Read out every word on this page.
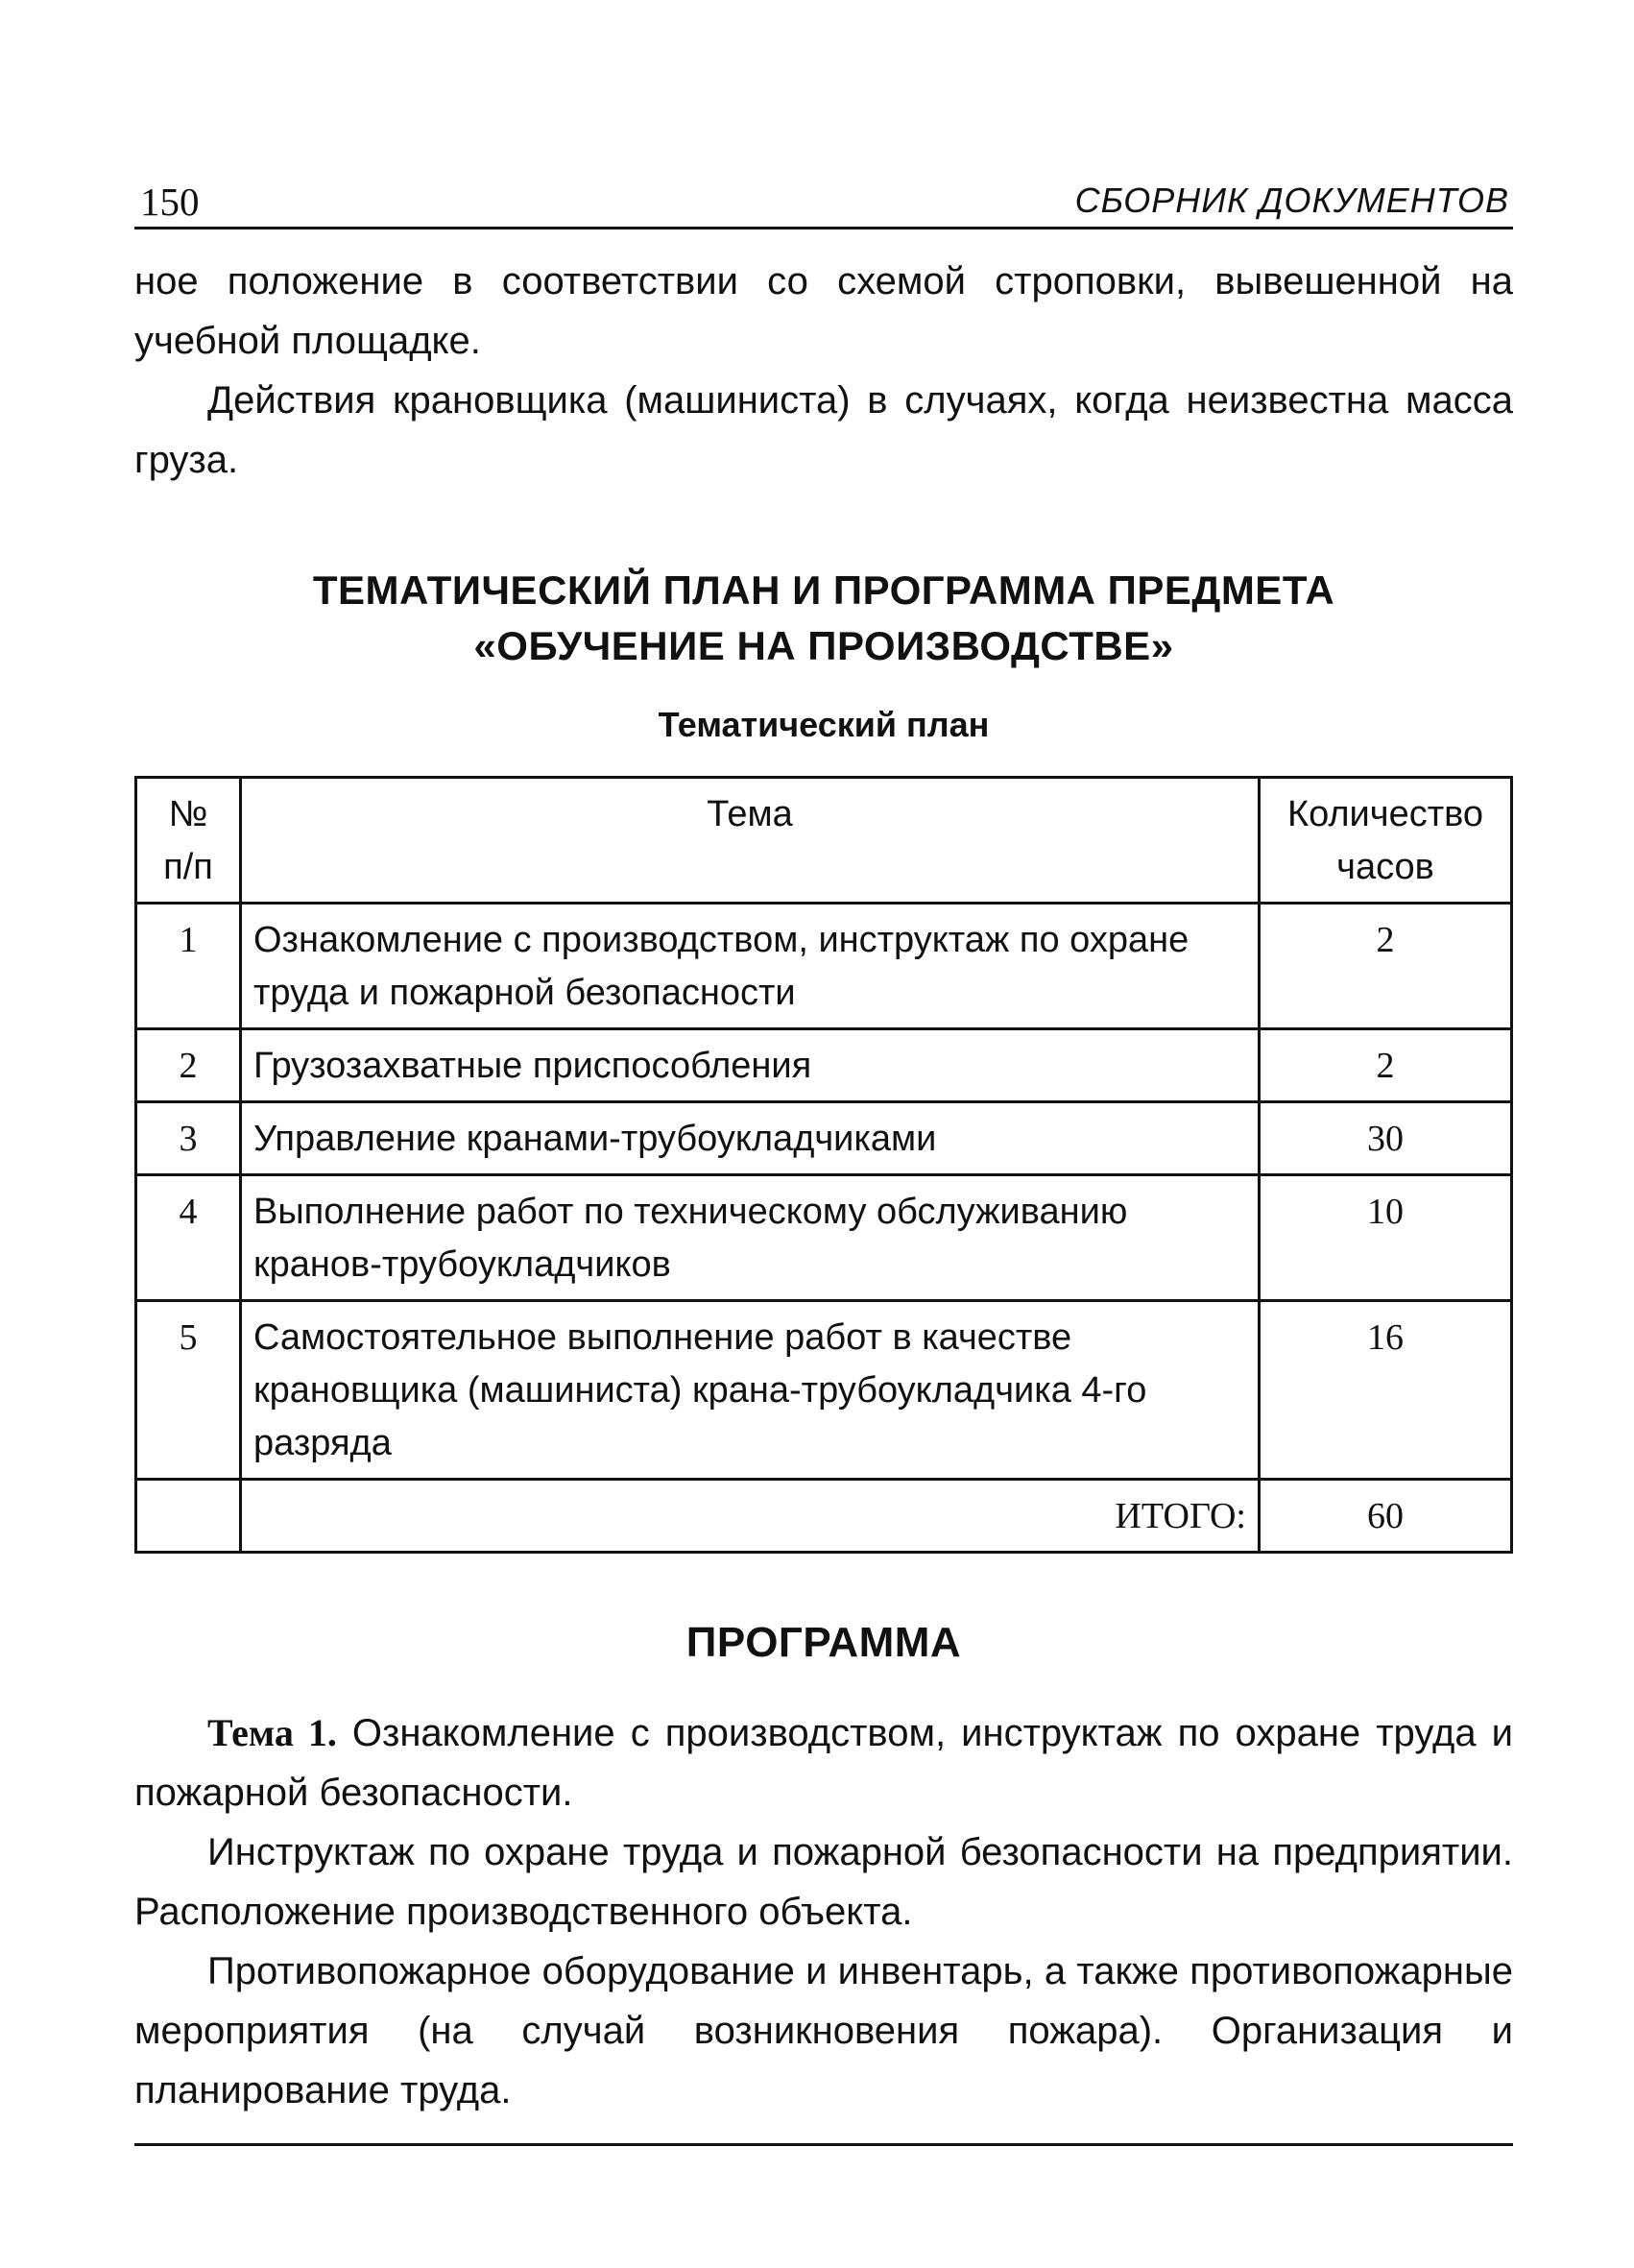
150	СБОРНИК ДОКУМЕНТОВ

ное положение в соответствии со схемой строповки, вывешенной на учебной площадке.

Действия крановщика (машиниста) в случаях, когда неизвестна масса груза.

ТЕМАТИЧЕСКИЙ ПЛАН И ПРОГРАММА ПРЕДМЕТА
«ОБУЧЕНИЕ НА ПРОИЗВОДСТВЕ»
Тематический план
№ п/п	Тема	Количество часов
1	Ознакомление с производством, инструктаж по охране труда и пожарной безопасности	2
2	Грузозахватные приспособления	2
3	Управление кранами-трубоукладчиками	30
4	Выполнение работ по техническому обслуживанию кранов-трубоукладчиков	10
5	Самостоятельное выполнение работ в качестве крановщика (машиниста) крана-трубоукладчика 4-го разряда	16
	ИТОГО:	60
ПРОГРАММА

Тема 1. Ознакомление с производством, инструктаж по охране труда и пожарной безопасности.

Инструктаж по охране труда и пожарной безопасности на предприятии. Расположение производственного объекта.

Противопожарное оборудование и инвентарь, а также противопожарные мероприятия (на случай возникновения пожара). Организация и планирование труда.
